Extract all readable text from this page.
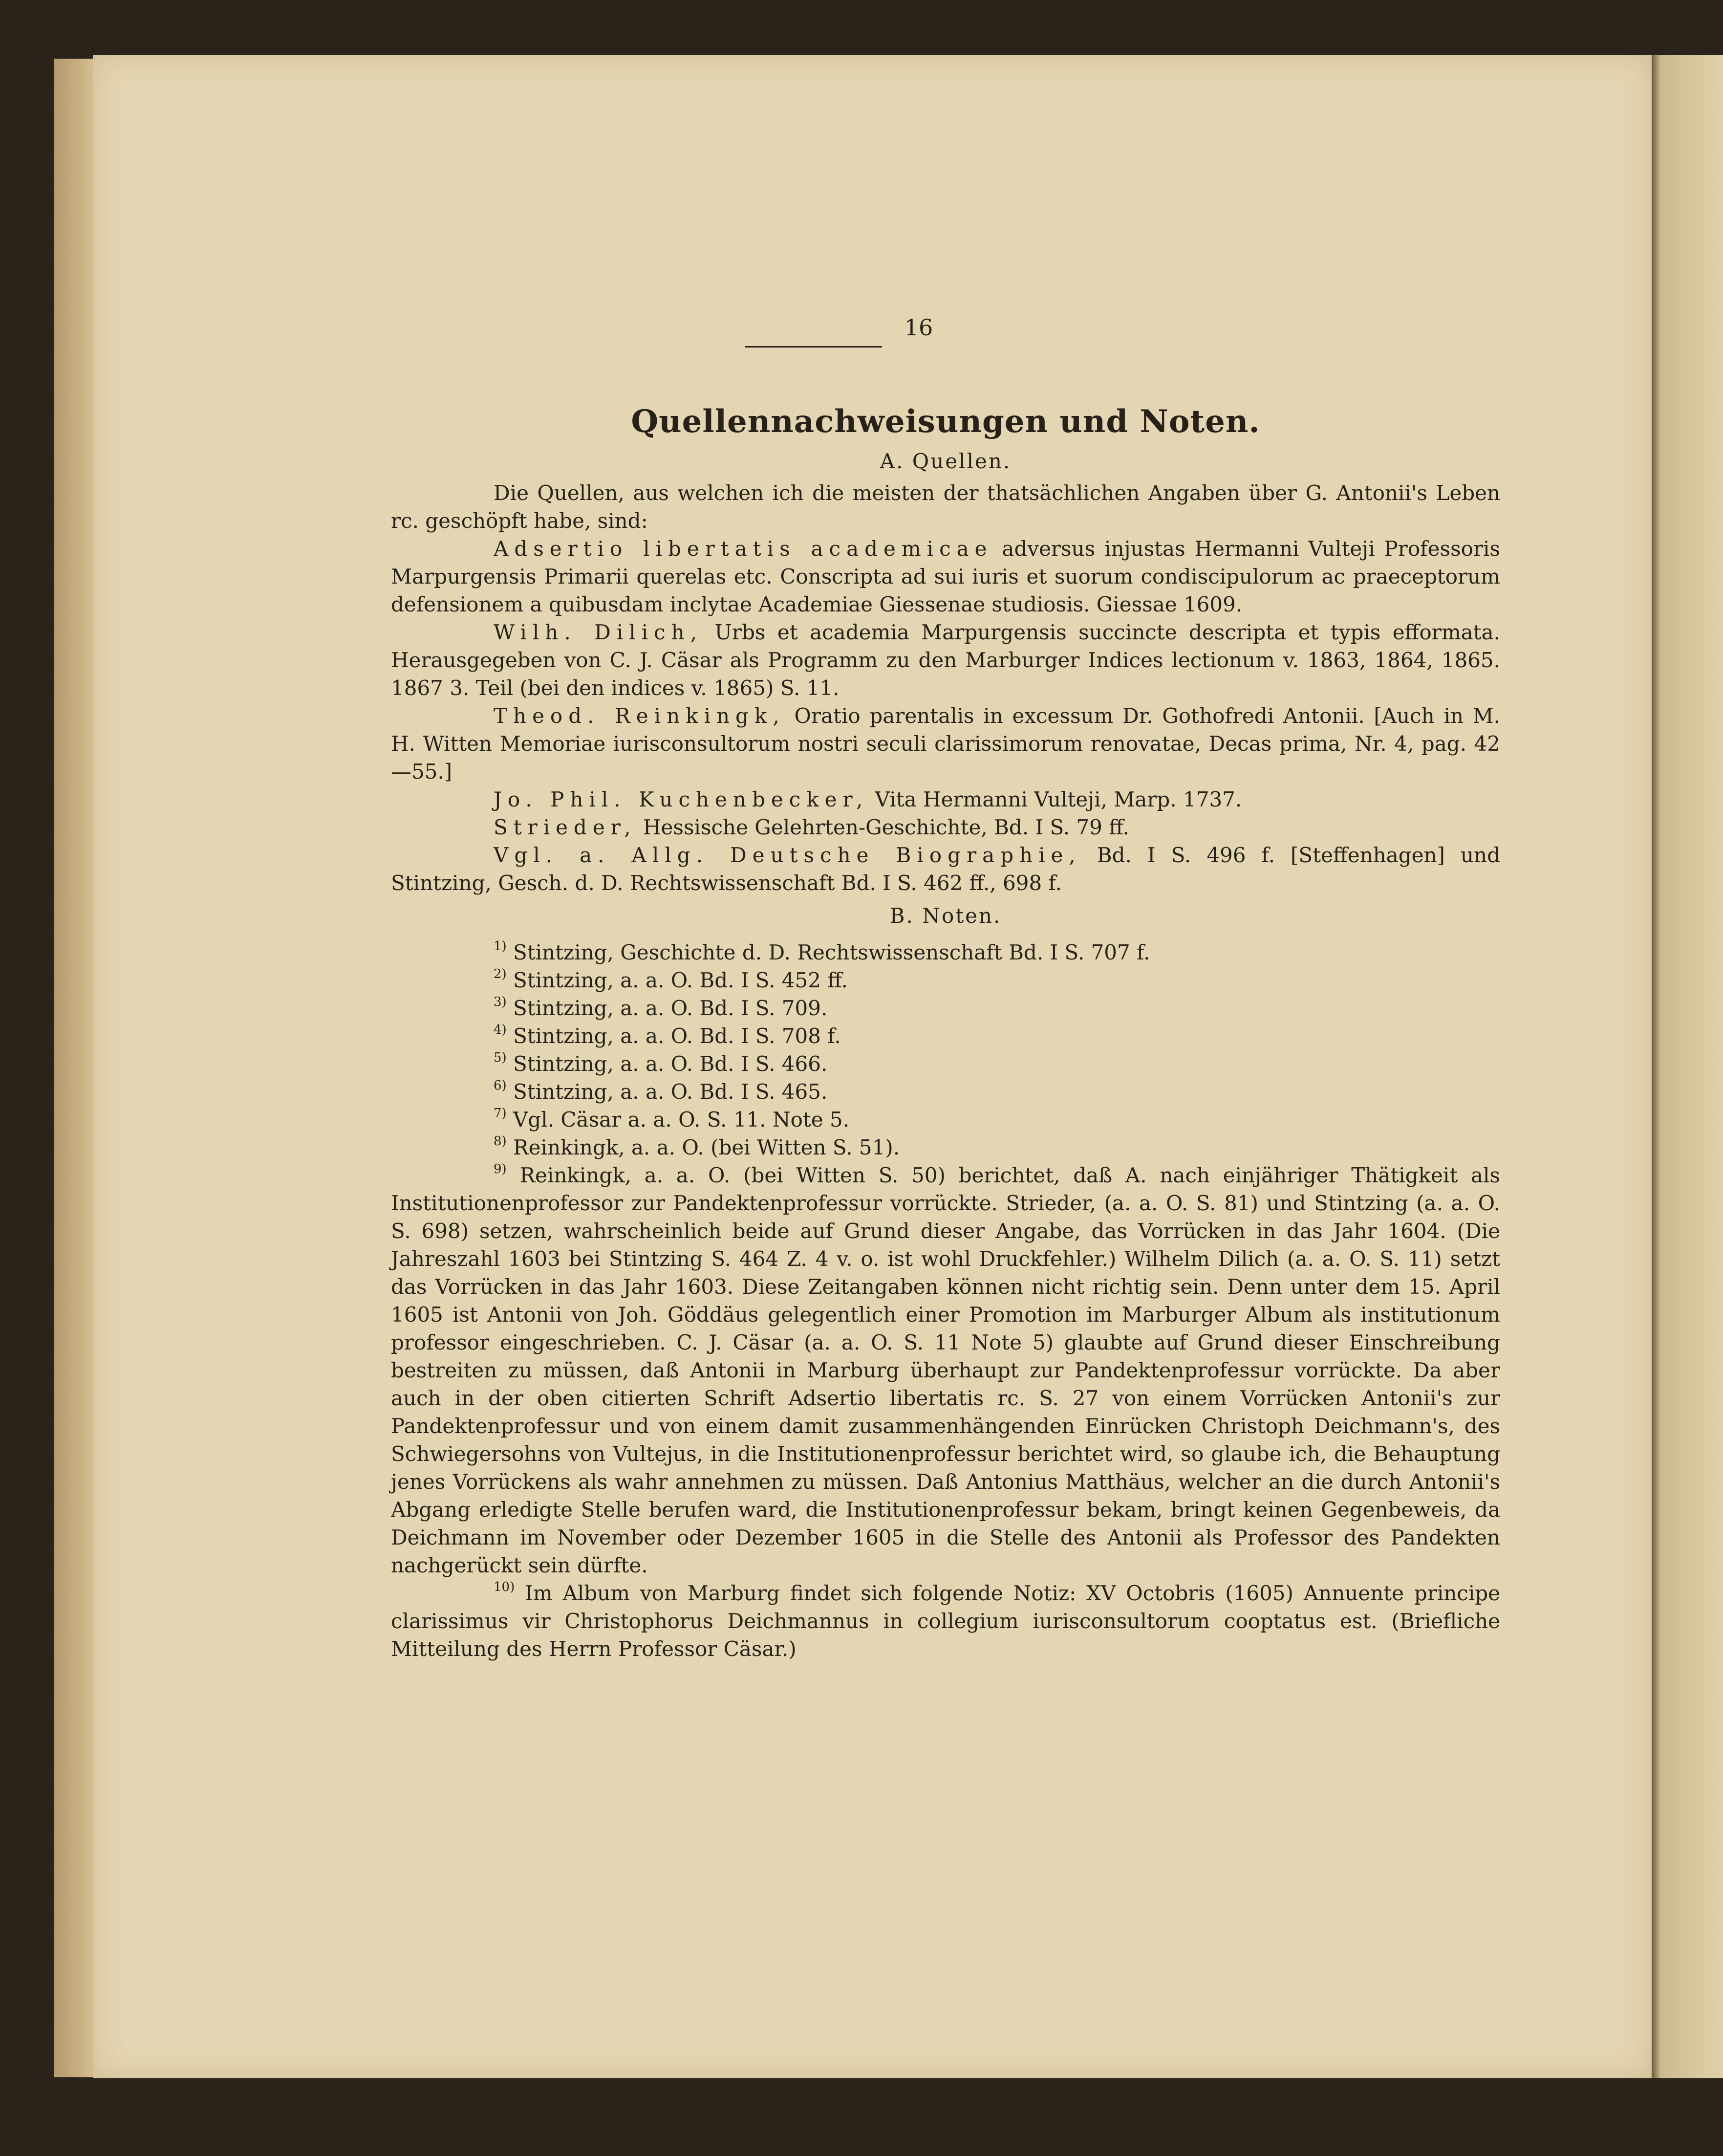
16
Quellennachweisungen und Noten.
A. Quellen.

Die Quellen, aus welchen ich die meisten der thatsächlichen Angaben über G. Antonii's Leben rc. geschöpft habe, sind:

Adsertio libertatis academicae adversus injustas Hermanni Vulteji Professoris Marpurgensis Primarii querelas etc. Conscripta ad sui iuris et suorum condiscipulorum ac praeceptorum defensionem a quibusdam inclytae Academiae Giessenae studiosis. Giessae 1609.

Wilh. Dilich, Urbs et academia Marpurgensis succincte descripta et typis efformata. Herausgegeben von C. J. Cäsar als Programm zu den Marburger Indices lectionum v. 1863, 1864, 1865. 1867 3. Teil (bei den indices v. 1865) S. 11.

Theod. Reinkingk, Oratio parentalis in excessum Dr. Gothofredi Antonii. [Auch in M. H. Witten Memoriae iurisconsultorum nostri seculi clarissimorum renovatae, Decas prima, Nr. 4, pag. 42—55.]

Jo. Phil. Kuchenbecker, Vita Hermanni Vulteji, Marp. 1737.

Strieder, Hessische Gelehrten-Geschichte, Bd. I S. 79 ff.

Vgl. a. Allg. Deutsche Biographie, Bd. I S. 496 f. [Steffenhagen] und Stintzing, Gesch. d. D. Rechtswissenschaft Bd. I S. 462 ff., 698 f.

B. Noten.
$^{1)}$ Stintzing, Geschichte d. D. Rechtswissenschaft Bd. I S. 707 f.
$^{2)}$ Stintzing, a. a. O. Bd. I S. 452 ff.
$^{3)}$ Stintzing, a. a. O. Bd. I S. 709.
$^{4)}$ Stintzing, a. a. O. Bd. I S. 708 f.
$^{5)}$ Stintzing, a. a. O. Bd. I S. 466.
$^{6)}$ Stintzing, a. a. O. Bd. I S. 465.
$^{7)}$ Vgl. Cäsar a. a. O. S. 11. Note 5.
$^{8)}$ Reinkingk, a. a. O. (bei Witten S. 51).
$^{9)}$ Reinkingk, a. a. O. (bei Witten S. 50) berichtet, daß A. nach einjähriger Thätigkeit als Institutionenprofessor zur Pandektenprofessur vorrückte. Strieder, (a. a. O. S. 81) und Stintzing (a. a. O. S. 698) setzen, wahrscheinlich beide auf Grund dieser Angabe, das Vorrücken in das Jahr 1604. (Die Jahreszahl 1603 bei Stintzing S. 464 Z. 4 v. o. ist wohl Druckfehler.) Wilhelm Dilich (a. a. O. S. 11) setzt das Vorrücken in das Jahr 1603. Diese Zeitangaben können nicht richtig sein. Denn unter dem 15. April 1605 ist Antonii von Joh. Göddäus gelegentlich einer Promotion im Marburger Album als institutionum professor eingeschrieben. C. J. Cäsar (a. a. O. S. 11 Note 5) glaubte auf Grund dieser Einschreibung bestreiten zu müssen, daß Antonii in Marburg überhaupt zur Pandektenprofessur vorrückte. Da aber auch in der oben citierten Schrift Adsertio libertatis rc. S. 27 von einem Vorrücken Antonii's zur Pandektenprofessur und von einem damit zusammenhängenden Einrücken Christoph Deichmann's, des Schwiegersohns von Vultejus, in die Institutionenprofessur berichtet wird, so glaube ich, die Behauptung jenes Vorrückens als wahr annehmen zu müssen. Daß Antonius Matthäus, welcher an die durch Antonii's Abgang erledigte Stelle berufen ward, die Institutionenprofessur bekam, bringt keinen Gegenbeweis, da Deichmann im November oder Dezember 1605 in die Stelle des Antonii als Professor des Pandekten nachgerückt sein dürfte.
$^{10)}$ Im Album von Marburg findet sich folgende Notiz: XV Octobris (1605) Annuente principe clarissimus vir Christophorus Deichmannus in collegium iurisconsultorum cooptatus est. (Briefliche Mitteilung des Herrn Professor Cäsar.)
